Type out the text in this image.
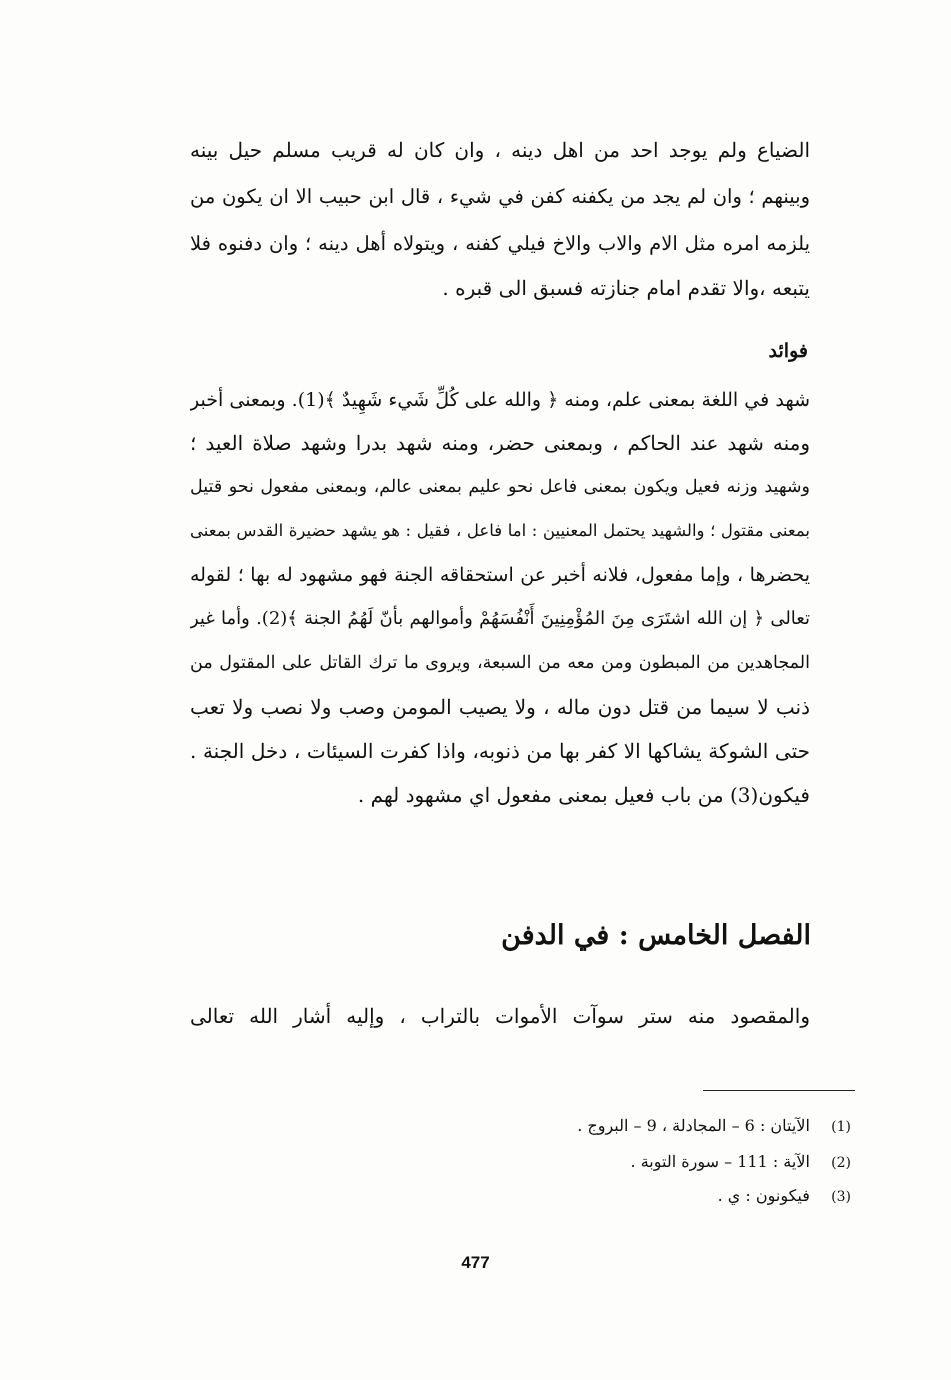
الضياع ولم يوجد احد من اهل دينه ، وان كان له قريب مسلم حيل بينه
وبينهم ؛ وان لم يجد من يكفنه كفن في شيء ، قال ابن حبيب الا ان يكون من
يلزمه امره مثل الام والاب والاخ فيلي كفنه ، ويتولاه أهل دينه ؛ وان دفنوه فلا
يتبعه ،والا تقدم امام جنازته فسبق الى قبره .
فوائد
شهد في اللغة بمعنى علم، ومنه ﴿ والله على كُلِّ شَيء شَهِيدٌ ﴾(1). وبمعنى أخبر
ومنه شهد عند الحاكم ، وبمعنى حضر، ومنه شهد بدرا وشهد صلاة العيد ؛
وشهيد وزنه فعيل ويكون بمعنى فاعل نحو عليم بمعنى عالم، وبمعنى مفعول نحو قتيل
بمعنى مقتول ؛ والشهيد يحتمل المعنيين : اما فاعل ، فقيل : هو يشهد حضيرة القدس بمعنى
يحضرها ، وإما مفعول، فلانه أخبر عن استحقاقه الجنة فهو مشهود له بها ؛ لقوله
تعالى ﴿ إن الله اشتَرَى مِنَ المُؤْمِنِينَ أَنْفُسَهُمْ وأموالهم بأنّ لَهُمُ الجنة ﴾(2). وأما غير
المجاهدين من المبطون ومن معه من السبعة، ويروى ما ترك القاتل على المقتول من
ذنب لا سيما من قتل دون ماله ، ولا يصيب المومن وصب ولا نصب ولا تعب
حتى الشوكة يشاكها الا كفر بها من ذنوبه، واذا كفرت السيئات ، دخل الجنة .
فيكون(3) من باب فعيل بمعنى مفعول اي مشهود لهم .
الفصل الخامس : في الدفن
والمقصود منه ستر سوآت الأموات بالتراب ، وإليه أشار الله تعالى
(1) الآيتان : 6 – المجادلة ، 9 – البروج .
(2) الآية : 111 – سورة التوبة .
(3) فيكونون : ي .
477
